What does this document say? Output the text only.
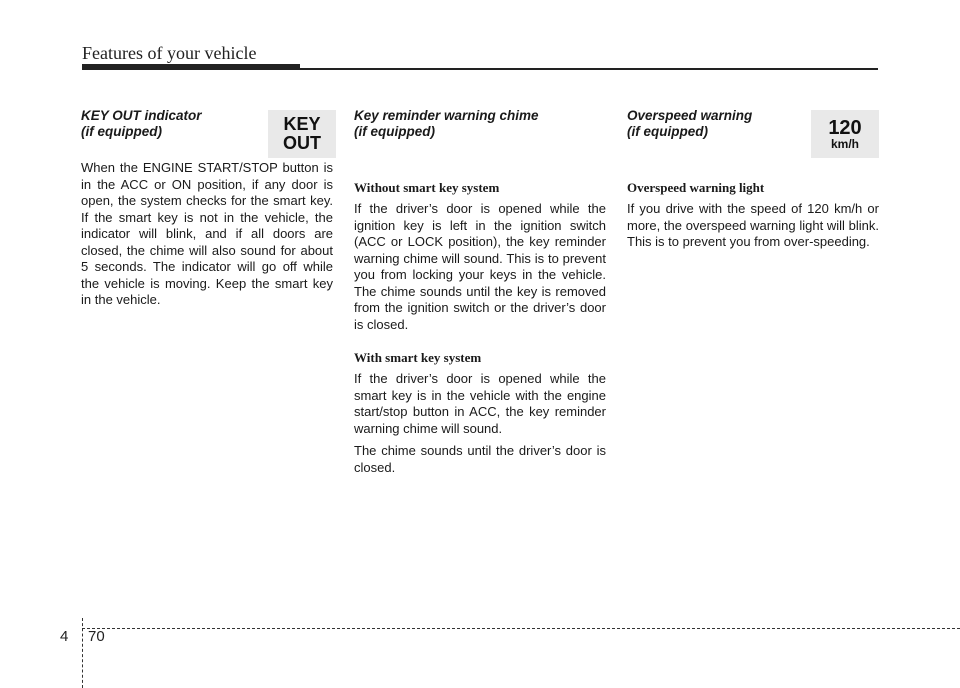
Features of your vehicle
KEY OUT indicator
(if equipped)	KEY
OUT
When the ENGINE START/STOP button is in the ACC or ON position, if any door is open, the system checks for the smart key. If the smart key is not in the vehicle, the indicator will blink, and if all doors are closed, the chime will also sound for about 5 seconds. The indicator will go off while the vehicle is moving. Keep the smart key in the vehicle.
Key reminder warning chime
(if equipped)
Without smart key system
If the driver’s door is opened while the ignition key is left in the ignition switch (ACC or LOCK position), the key reminder warning chime will sound. This is to prevent you from locking your keys in the vehicle. The chime sounds until the key is removed from the ignition switch or the driver’s door is closed.
With smart key system
If the driver’s door is opened while the smart key is in the vehicle with the engine start/stop button in ACC, the key reminder warning chime will sound.
The chime sounds until the driver’s door is closed.
Overspeed warning
(if equipped)	120
km/h
Overspeed warning light
If you drive with the speed of 120 km/h or more, the overspeed warning light will blink. This is to prevent you from over-speeding.
4 70
